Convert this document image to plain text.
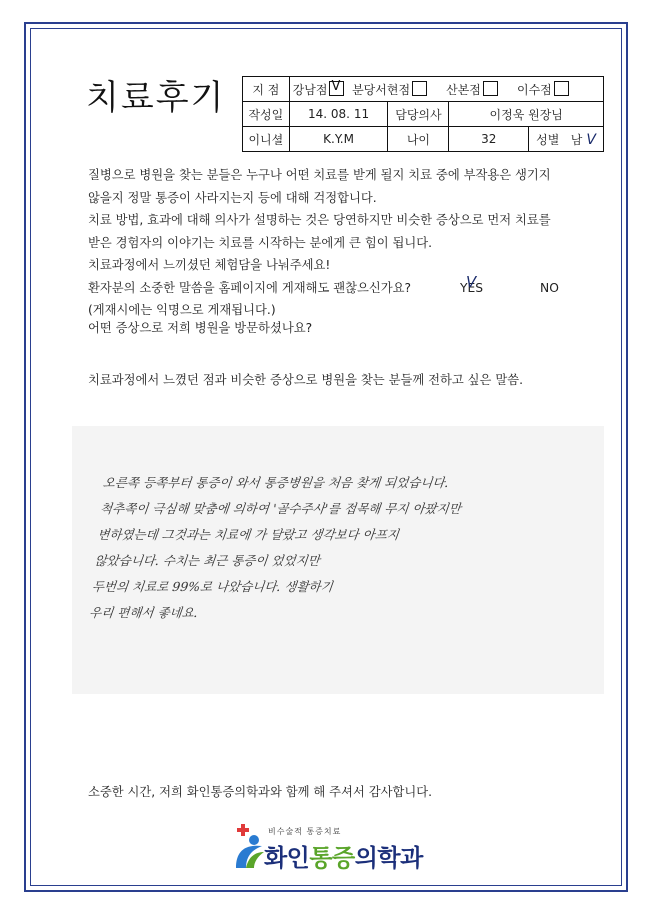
치료후기 지 점	강남점 V 분당서현점 산본점 이수점
작성일	14. 08. 11	담당의사	이정욱 원장님	
이니셜	K.Y.M	나이	32	성별 남 V

질병으로 병원을 찾는 분들은 누구나 어떤 치료를 받게 될지 치료 중에 부작용은 생기지

않을지 정말 통증이 사라지는지 등에 대해 걱정합니다.

치료 방법, 효과에 대해 의사가 설명하는 것은 당연하지만 비슷한 증상으로 먼저 치료를

받은 경험자의 이야기는 치료를 시작하는 분에게 큰 힘이 됩니다.

치료과정에서 느끼셨던 체험담을 나눠주세요!

환자분의 소중한 말씀을 홈페이지에 게재해도 괜찮으신가요?	YES V	NO

(게재시에는 익명으로 게재됩니다.)

어떤 증상으로 저희 병원을 방문하셨나요?
치료과정에서 느꼈던 점과 비슷한 증상으로 병원을 찾는 분들께 전하고 싶은 말씀.

오른쪽 등쪽부터 통증이 와서 통증병원을 처음 찾게 되었습니다.

척추쪽이 극심해 맞춤에 의하여 '골수주사'를 접목해 무지 아팠지만

변하였는데 그것과는 치료에 가 달랐고 생각보다 아프지

않았습니다. 수치는 최근 통증이 었었지만

두번의 치료로 99%로 나았습니다. 생활하기

우리 편해서 좋네요.

소중한 시간, 저희 화인통증의학과와 함께 해 주셔서 감사합니다.
비수술적 통증치료
화인통증의학과
